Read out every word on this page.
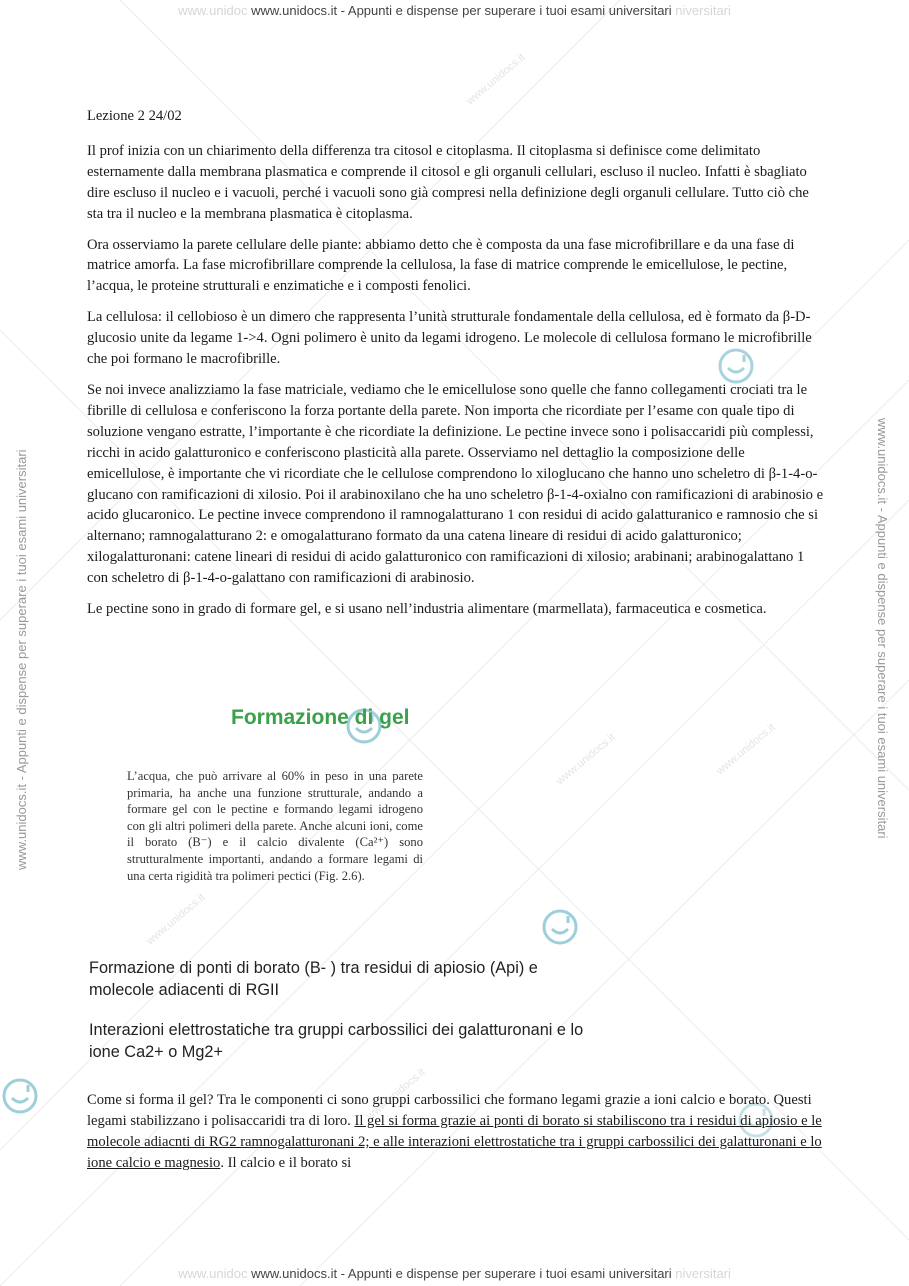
www.unidocs.it
www.unidocs.it
www.unidocs.it
www.unidocs.it
www.unidocs.it
www.unidoc www.unidocs.it - Appunti e dispense per superare i tuoi esami universitari niversitari
www.unidocs.it - Appunti e dispense per superare i tuoi esami universitari	www.unidocs.it - Appunti e dispense per superare i tuoi esami universitari

Lezione 2 24/02

Il prof inizia con un chiarimento della differenza tra citosol e citoplasma. Il citoplasma si definisce come delimitato esternamente dalla membrana plasmatica e comprende il citosol e gli organuli cellulari, escluso il nucleo. Infatti è sbagliato dire escluso il nucleo e i vacuoli, perché i vacuoli sono già compresi nella definizione degli organuli cellulare. Tutto ciò che sta tra il nucleo e la membrana plasmatica è citoplasma.

Ora osserviamo la parete cellulare delle piante: abbiamo detto che è composta da una fase microfibrillare e da una fase di matrice amorfa. La fase microfibrillare comprende la cellulosa, la fase di matrice comprende le emicellulose, le pectine, l’acqua, le proteine strutturali e enzimatiche e i composti fenolici.

La cellulosa: il cellobioso è un dimero che rappresenta l’unità strutturale fondamentale della cellulosa, ed è formato da β-D-glucosio unite da legame 1->4. Ogni polimero è unito da legami idrogeno. Le molecole di cellulosa formano le microfibrille che poi formano le macrofibrille.

Se noi invece analizziamo la fase matriciale, vediamo che le emicellulose sono quelle che fanno collegamenti crociati tra le fibrille di cellulosa e conferiscono la forza portante della parete. Non importa che ricordiate per l’esame con quale tipo di soluzione vengano estratte, l’importante è che ricordiate la definizione. Le pectine invece sono i polisaccaridi più complessi, ricchi in acido galatturonico e conferiscono plasticità alla parete. Osserviamo nel dettaglio la composizione delle emicellulose, è importante che vi ricordiate che le cellulose comprendono lo xiloglucano che hanno uno scheletro di β-1-4-o-glucano con ramificazioni di xilosio. Poi il arabinoxilano che ha uno scheletro β-1-4-oxialno con ramificazioni di arabinosio e acido glucaronico. Le pectine invece comprendono il ramnogalatturano 1 con residui di acido galatturanico e ramnosio che si alternano; ramnogalatturano 2: e omogalatturano formato da una catena lineare di residui di acido galatturonico; xilogalatturonani: catene lineari di residui di acido galatturonico con ramificazioni di xilosio; arabinani; arabinogalattano 1 con scheletro di β-1-4-o-galattano con ramificazioni di arabinosio.

Le pectine sono in grado di formare gel, e si usano nell’industria alimentare (marmellata), farmaceutica e cosmetica.

Formazione di gel
L’acqua, che può arrivare al 60% in peso in una parete primaria, ha anche una funzione strutturale, andando a formare gel con le pectine e formando legami idrogeno con gli altri polimeri della parete. Anche alcuni ioni, come il borato (B⁻) e il calcio divalente (Ca²⁺) sono strutturalmente importanti, andando a formare legami di una certa rigidità tra polimeri pectici (Fig. 2.6).
Formazione di ponti di borato (B- ) tra residui di apiosio (Api) e molecole adiacenti di RGII
Interazioni elettrostatiche tra gruppi carbossilici dei galatturonani e lo ione Ca2+ o Mg2+
Come si forma il gel? Tra le componenti ci sono gruppi carbossilici che formano legami grazie a ioni calcio e borato. Questi legami stabilizzano i polisaccaridi tra di loro. Il gel si forma grazie ai ponti di borato si stabiliscono tra i residui di apiosio e le molecole adiacnti di RG2 ramnogalatturonani 2; e alle interazioni elettrostatiche tra i gruppi carbossilici dei galatturonani e lo ione calcio e magnesio. Il calcio e il borato si
www.unidoc www.unidocs.it - Appunti e dispense per superare i tuoi esami universitari niversitari
